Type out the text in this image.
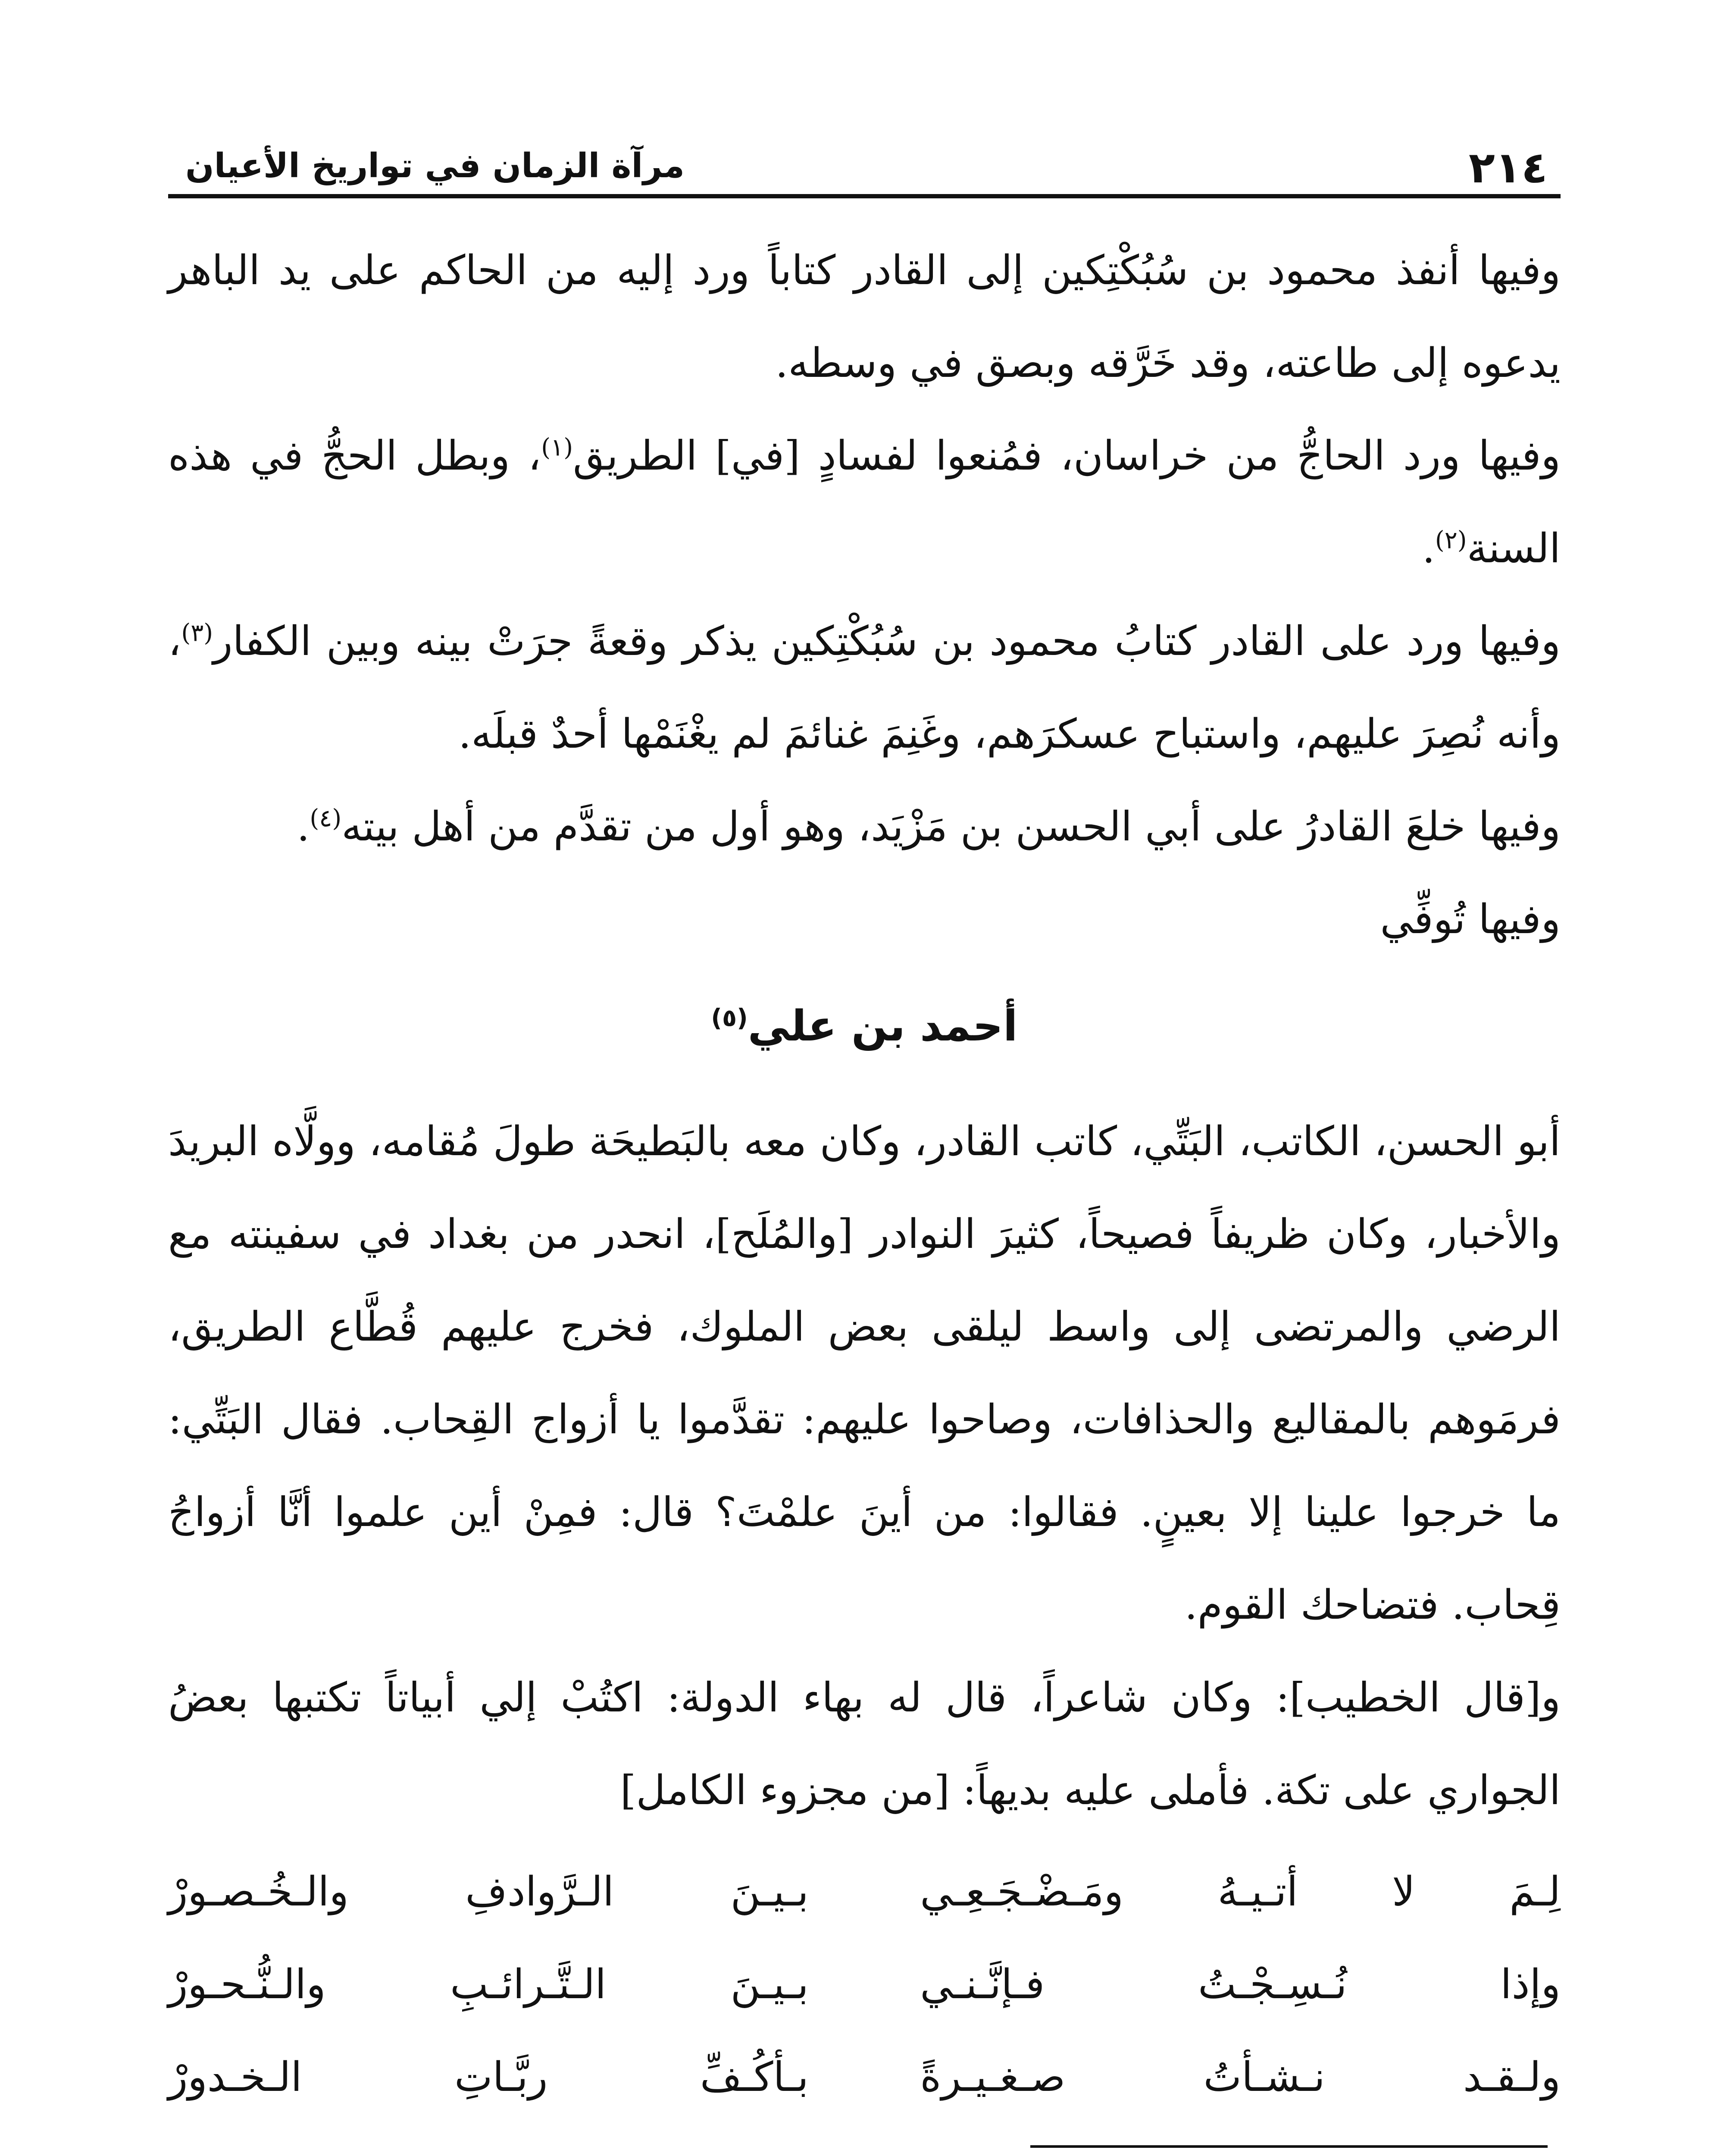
٢١٤
مرآة الزمان في تواريخ الأعيان

وفيها أنفذ محمود بن سُبُكْتِكين إلى القادر كتاباً ورد إليه من الحاكم على يد الباهر يدعوه إلى طاعته، وقد خَرَّقه وبصق في وسطه.

وفيها ورد الحاجُّ من خراسان، فمُنعوا لفسادٍ [في] الطريق$^{(١)}$، وبطل الحجُّ في هذه السنة$^{(٢)}$.

وفيها ورد على القادر كتابُ محمود بن سُبُكْتِكين يذكر وقعةً جرَتْ بينه وبين الكفار$^{(٣)}$، وأنه نُصِرَ عليهم، واستباح عسكرَهم، وغَنِمَ غنائمَ لم يغْنَمْها أحدٌ قبلَه.

وفيها خلعَ القادرُ على أبي الحسن بن مَزْيَد، وهو أول من تقدَّم من أهل بيته$^{(٤)}$.

وفيها تُوفِّي

أحمد بن علي$^{(٥)}$

أبو الحسن، الكاتب، البَتِّي، كاتب القادر، وكان معه بالبَطيحَة طولَ مُقامه، وولَّاه البريدَ والأخبار، وكان ظريفاً فصيحاً، كثيرَ النوادر [والمُلَح]، انحدر من بغداد في سفينته مع الرضي والمرتضى إلى واسط ليلقى بعض الملوك، فخرج عليهم قُطَّاع الطريق، فرمَوهم بالمقاليع والحذافات، وصاحوا عليهم: تقدَّموا يا أزواج القِحاب. فقال البَتِّي: ما خرجوا علينا إلا بعينٍ. فقالوا: من أينَ علمْتَ؟ قال: فمِنْ أين علموا أنَّا أزواجُ قِحاب. فتضاحك القوم.

و[قال الخطيب]: وكان شاعراً، قال له بهاء الدولة: اكتُبْ إلي أبياتاً تكتبها بعضُ الجواري على تكة. فأملى عليه بديهاً: [من مجزوء الكامل]

لِـمَ لا أتـيـهُ ومَـضْـجَـعِـي
بـيـنَ الـرَّوادفِ والـخُـصـورْ
وإذا نُـسِـجْـتُ فـإنَّـنـي
بـيـنَ الـتَّـرائـبِ والـنُّـحـورْ
ولـقـد نـشـأتُ صـغـيـرةً
بـأكُـفِّ ربَّـاتِ الـخـدورْ
